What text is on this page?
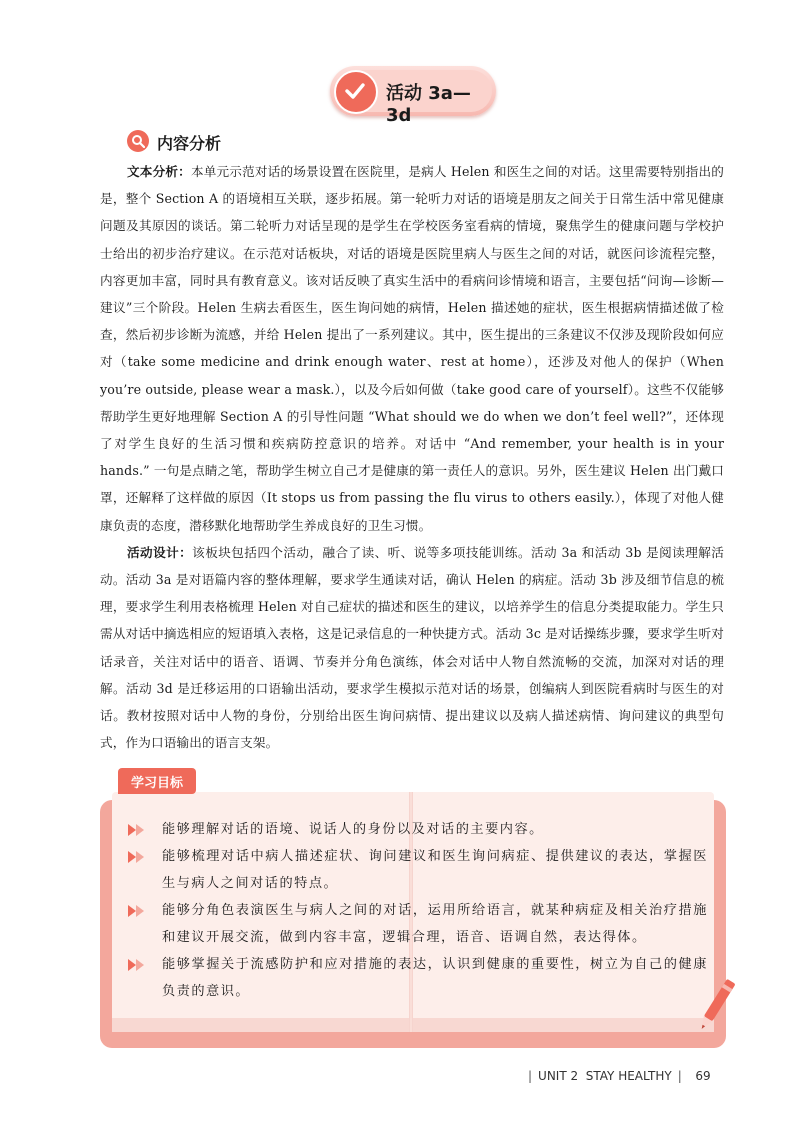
活动 3a—3d
内容分析

文本分析：本单元示范对话的场景设置在医院里，是病人 Helen 和医生之间的对话。这里需要特别指出的是，整个 Section A 的语境相互关联，逐步拓展。第一轮听力对话的语境是朋友之间关于日常生活中常见健康问题及其原因的谈话。第二轮听力对话呈现的是学生在学校医务室看病的情境，聚焦学生的健康问题与学校护士给出的初步治疗建议。在示范对话板块，对话的语境是医院里病人与医生之间的对话，就医问诊流程完整，内容更加丰富，同时具有教育意义。该对话反映了真实生活中的看病问诊情境和语言，主要包括“问询—诊断—建议”三个阶段。Helen 生病去看医生，医生询问她的病情，Helen 描述她的症状，医生根据病情描述做了检查，然后初步诊断为流感，并给 Helen 提出了一系列建议。其中，医生提出的三条建议不仅涉及现阶段如何应对（take some medicine and drink enough water、rest at home），还涉及对他人的保护（When you’re outside, please wear a mask.），以及今后如何做（take good care of yourself）。这些不仅能够帮助学生更好地理解 Section A 的引导性问题 “What should we do when we don’t feel well?”，还体现了对学生良好的生活习惯和疾病防控意识的培养。对话中 “And remember, your health is in your hands.” 一句是点睛之笔，帮助学生树立自己才是健康的第一责任人的意识。另外，医生建议 Helen 出门戴口罩，还解释了这样做的原因（It stops us from passing the flu virus to others easily.），体现了对他人健康负责的态度，潜移默化地帮助学生养成良好的卫生习惯。

活动设计：该板块包括四个活动，融合了读、听、说等多项技能训练。活动 3a 和活动 3b 是阅读理解活动。活动 3a 是对语篇内容的整体理解，要求学生通读对话，确认 Helen 的病症。活动 3b 涉及细节信息的梳理，要求学生利用表格梳理 Helen 对自己症状的描述和医生的建议，以培养学生的信息分类提取能力。学生只需从对话中摘选相应的短语填入表格，这是记录信息的一种快捷方式。活动 3c 是对话操练步骤，要求学生听对话录音，关注对话中的语音、语调、节奏并分角色演练，体会对话中人物自然流畅的交流，加深对对话的理解。活动 3d 是迁移运用的口语输出活动，要求学生模拟示范对话的场景，创编病人到医院看病时与医生的对话。教材按照对话中人物的身份，分别给出医生询问病情、提出建议以及病人描述病情、询问建议的典型句式，作为口语输出的语言支架。

学习目标
能够理解对话的语境、说话人的身份以及对话的主要内容。
能够梳理对话中病人描述症状、询问建议和医生询问病症、提供建议的表达，掌握医生与病人之间对话的特点。
能够分角色表演医生与病人之间的对话，运用所给语言，就某种病症及相关治疗措施和建议开展交流，做到内容丰富，逻辑合理，语音、语调自然，表达得体。
能够掌握关于流感防护和应对措施的表达，认识到健康的重要性，树立为自己的健康负责的意识。
| UNIT 2 STAY HEALTHY | 69
